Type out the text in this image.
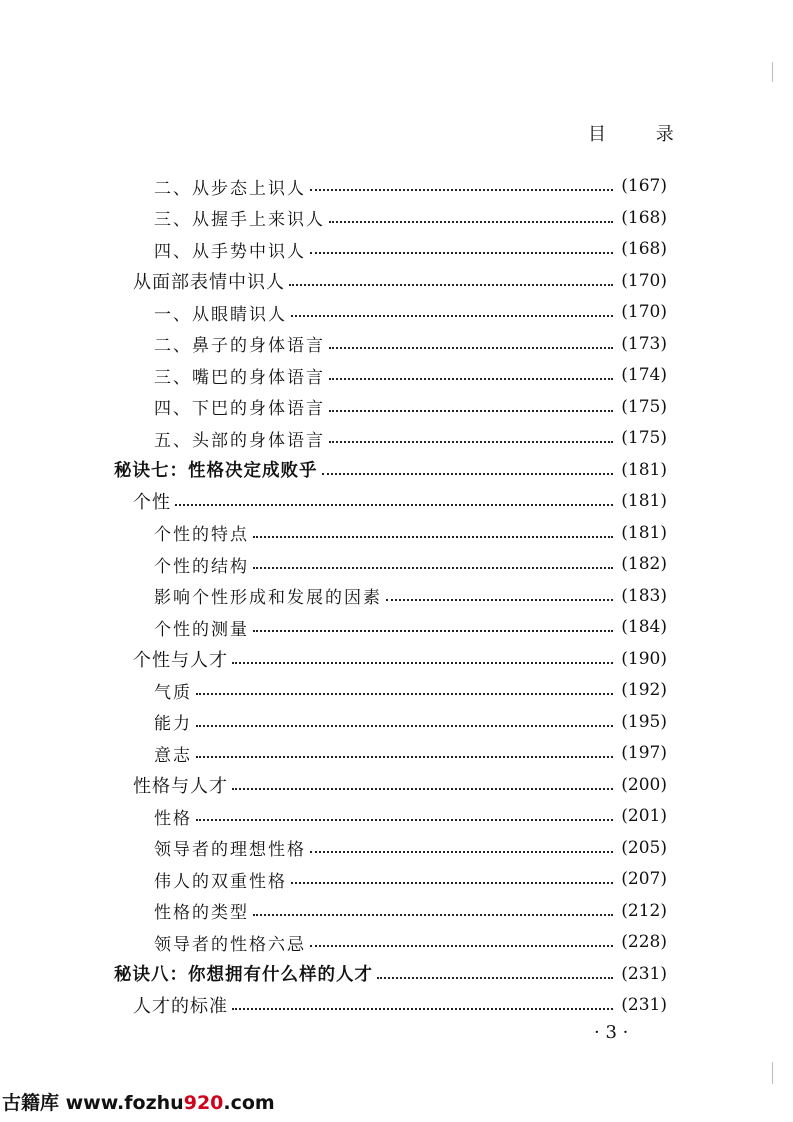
目 录
二、从步态上识人	(167)
三、从握手上来识人	(168)
四、从手势中识人	(168)
从面部表情中识人	(170)
一、从眼睛识人	(170)
二、鼻子的身体语言	(173)
三、嘴巴的身体语言	(174)
四、下巴的身体语言	(175)
五、头部的身体语言	(175)
秘诀七：性格决定成败乎	(181)
个性	(181)
个性的特点	(181)
个性的结构	(182)
影响个性形成和发展的因素	(183)
个性的测量	(184)
个性与人才	(190)
气质	(192)
能力	(195)
意志	(197)
性格与人才	(200)
性格	(201)
领导者的理想性格	(205)
伟人的双重性格	(207)
性格的类型	(212)
领导者的性格六忌	(228)
秘诀八：你想拥有什么样的人才	(231)
人才的标准	(231)
· 3 ·
古籍库 www.fozhu920.com
